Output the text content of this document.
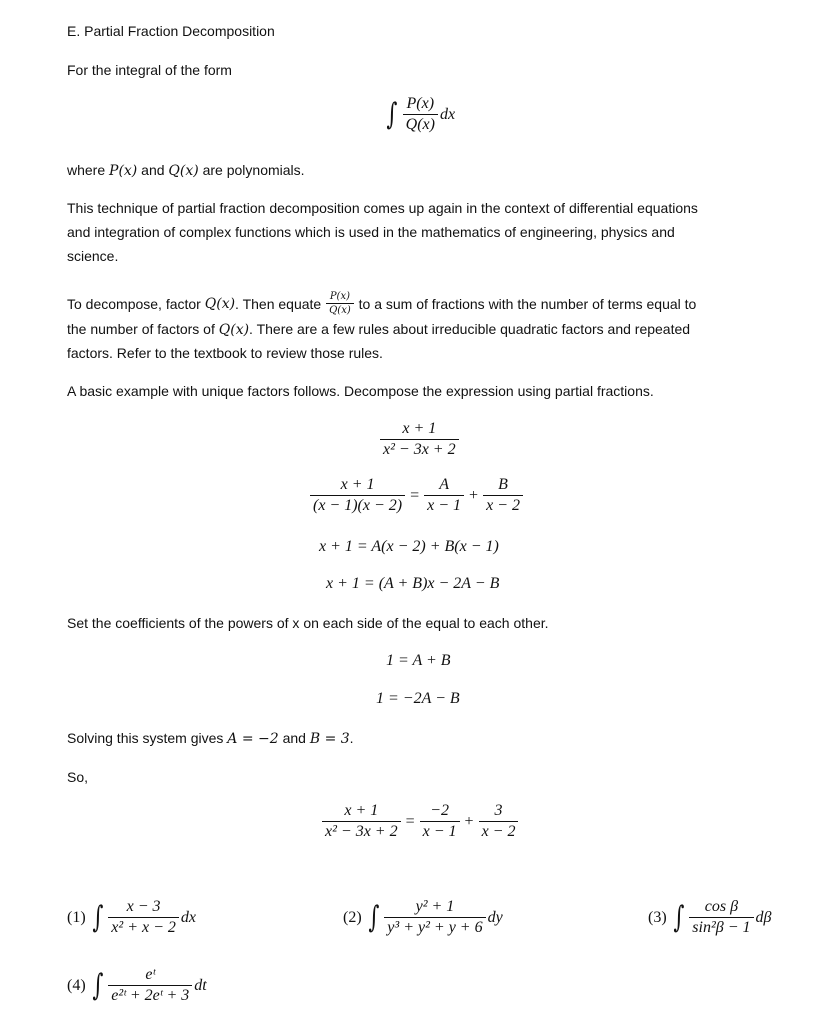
E. Partial Fraction Decomposition
For the integral of the form
∫ $\frac{P(x)}{Q(x)}$ dx
where P(x) and Q(x) are polynomials.
This technique of partial fraction decomposition comes up again in the context of differential equations
and integration of complex functions which is used in the mathematics of engineering, physics and
science.
To decompose, factor Q(x) . Then equate $\frac{P(x)}{Q(x)}$ to a sum of fractions with the number of terms equal to
the number of factors of Q(x). There are a few rules about irreducible quadratic factors and repeated
factors. Refer to the textbook to review those rules.
A basic example with unique factors follows. Decompose the expression using partial fractions.
$\frac{x + 1}{\text{x² − 3x + 2}}$
$\frac{x + 1}{(x - 1)(x - 2)} = \frac{A}{x - 1} + \frac{B}{x - 2}$
x + 1 = A(x − 2) + B(x − 1)
x + 1 = (A + B)x − 2A − B
Set the coefficients of the powers of x on each side of the equal to each other.
1 = A + B
1 = −2A − B
Solving this system gives A = −2 and B = 3.
So,
$\frac{x + 1}{\text{x² − 3x + 2}} = \frac{-2}{x - 1} + \frac{3}{x - 2}$
(1) ∫ $\frac{x - 3}{\text{x² + x − 2}}$ dx	(2) ∫ $\frac{\text{y² + 1}}{\text{y³ + y² + y + 6}}$ dy	(3) ∫ $\frac{\text{cos β}}{\text{sin²β − 1}}$ dβ
(4) ∫ $\frac{\text{eᵗ}}{\text{e²ᵗ + 2eᵗ + 3}}$ dt
